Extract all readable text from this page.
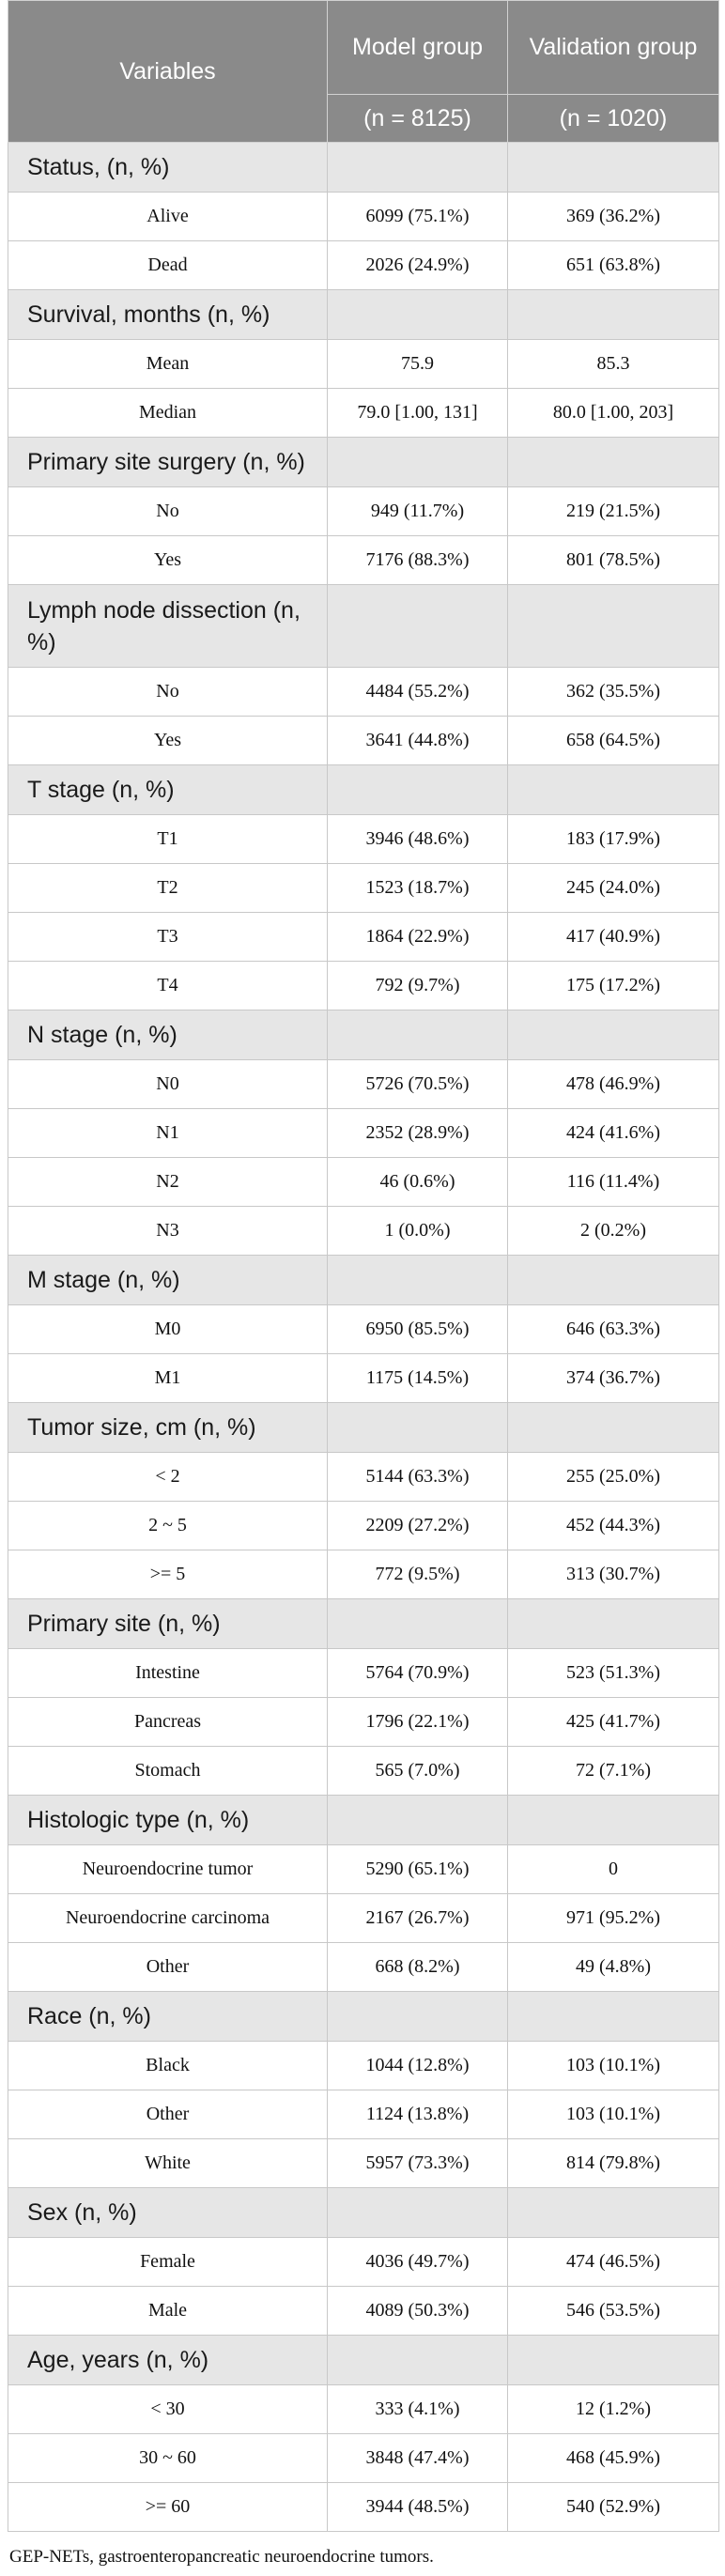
Variables	Model group	Validation group
	(n = 8125)	(n = 1020)
Status, (n, %)		
Alive	6099 (75.1%)	369 (36.2%)
Dead	2026 (24.9%)	651 (63.8%)
Survival, months (n, %)		
Mean	75.9	85.3
Median	79.0 [1.00, 131]	80.0 [1.00, 203]
Primary site surgery (n, %)		
No	949 (11.7%)	219 (21.5%)
Yes	7176 (88.3%)	801 (78.5%)
Lymph node dissection (n, %)		
No	4484 (55.2%)	362 (35.5%)
Yes	3641 (44.8%)	658 (64.5%)
T stage (n, %)		
T1	3946 (48.6%)	183 (17.9%)
T2	1523 (18.7%)	245 (24.0%)
T3	1864 (22.9%)	417 (40.9%)
T4	792 (9.7%)	175 (17.2%)
N stage (n, %)		
N0	5726 (70.5%)	478 (46.9%)
N1	2352 (28.9%)	424 (41.6%)
N2	46 (0.6%)	116 (11.4%)
N3	1 (0.0%)	2 (0.2%)
M stage (n, %)		
M0	6950 (85.5%)	646 (63.3%)
M1	1175 (14.5%)	374 (36.7%)
Tumor size, cm (n, %)		
< 2	5144 (63.3%)	255 (25.0%)
2 ~ 5	2209 (27.2%)	452 (44.3%)
>= 5	772 (9.5%)	313 (30.7%)
Primary site (n, %)		
Intestine	5764 (70.9%)	523 (51.3%)
Pancreas	1796 (22.1%)	425 (41.7%)
Stomach	565 (7.0%)	72 (7.1%)
Histologic type (n, %)		
Neuroendocrine tumor	5290 (65.1%)	0
Neuroendocrine carcinoma	2167 (26.7%)	971 (95.2%)
Other	668 (8.2%)	49 (4.8%)
Race (n, %)		
Black	1044 (12.8%)	103 (10.1%)
Other	1124 (13.8%)	103 (10.1%)
White	5957 (73.3%)	814 (79.8%)
Sex (n, %)		
Female	4036 (49.7%)	474 (46.5%)
Male	4089 (50.3%)	546 (53.5%)
Age, years (n, %)		
< 30	333 (4.1%)	12 (1.2%)
30 ~ 60	3848 (47.4%)	468 (45.9%)
>= 60	3944 (48.5%)	540 (52.9%)
GEP-NETs, gastroenteropancreatic neuroendocrine tumors.
